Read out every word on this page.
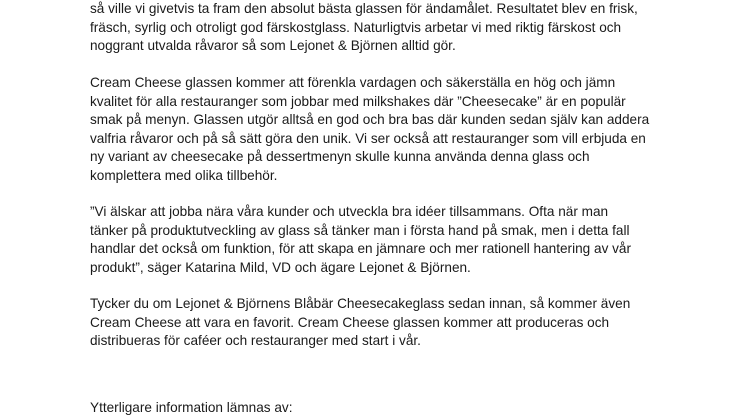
så ville vi givetvis ta fram den absolut bästa glassen för ändamålet. Resultatet blev en frisk,
fräsch, syrlig och otroligt god färskostglass. Naturligtvis arbetar vi med riktig färskost och
noggrant utvalda råvaror så som Lejonet & Björnen alltid gör.

Cream Cheese glassen kommer att förenkla vardagen och säkerställa en hög och jämn
kvalitet för alla restauranger som jobbar med milkshakes där ”Cheesecake” är en populär
smak på menyn. Glassen utgör alltså en god och bra bas där kunden sedan själv kan addera
valfria råvaror och på så sätt göra den unik. Vi ser också att restauranger som vill erbjuda en
ny variant av cheesecake på dessertmenyn skulle kunna använda denna glass och
komplettera med olika tillbehör.

”Vi älskar att jobba nära våra kunder och utveckla bra idéer tillsammans. Ofta när man
tänker på produktutveckling av glass så tänker man i första hand på smak, men i detta fall
handlar det också om funktion, för att skapa en jämnare och mer rationell hantering av vår
produkt”, säger Katarina Mild, VD och ägare Lejonet & Björnen.

Tycker du om Lejonet & Björnens Blåbär Cheesecakeglass sedan innan, så kommer även
Cream Cheese att vara en favorit. Cream Cheese glassen kommer att produceras och
distribueras för caféer och restauranger med start i vår.

Ytterligare information lämnas av:
